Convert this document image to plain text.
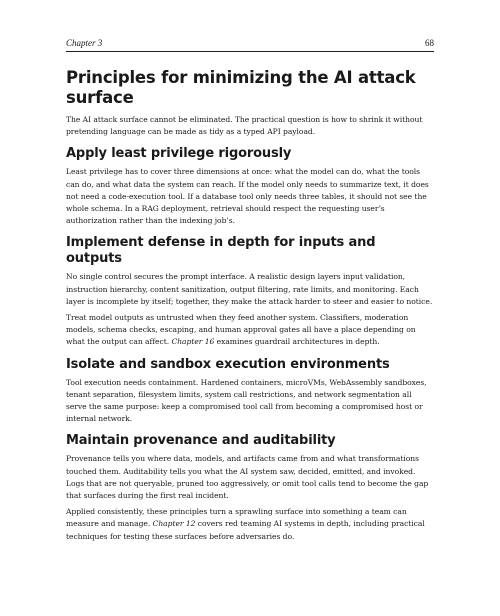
Chapter 3	68
Principles for minimizing the AI attack surface

The AI attack surface cannot be eliminated. The practical question is how to shrink it without pretending language can be made as tidy as a typed API payload.

Apply least privilege rigorously

Least privilege has to cover three dimensions at once: what the model can do, what the tools can do, and what data the system can reach. If the model only needs to summarize text, it does not need a code-execution tool. If a database tool only needs three tables, it should not see the whole schema. In a RAG deployment, retrieval should respect the requesting user’s authorization rather than the indexing job’s.

Implement defense in depth for inputs and outputs

No single control secures the prompt interface. A realistic design layers input validation, instruction hierarchy, content sanitization, output filtering, rate limits, and monitoring. Each layer is incomplete by itself; together, they make the attack harder to steer and easier to notice.

Treat model outputs as untrusted when they feed another system. Classifiers, moderation models, schema checks, escaping, and human approval gates all have a place depending on what the output can affect. Chapter 16 examines guardrail architectures in depth.

Isolate and sandbox execution environments

Tool execution needs containment. Hardened containers, microVMs, WebAssembly sandboxes, tenant separation, filesystem limits, system call restrictions, and network segmentation all serve the same purpose: keep a compromised tool call from becoming a compromised host or internal network.

Maintain provenance and auditability

Provenance tells you where data, models, and artifacts came from and what transformations touched them. Auditability tells you what the AI system saw, decided, emitted, and invoked. Logs that are not queryable, pruned too aggressively, or omit tool calls tend to become the gap that surfaces during the first real incident.

Applied consistently, these principles turn a sprawling surface into something a team can measure and manage. Chapter 12 covers red teaming AI systems in depth, including practical techniques for testing these surfaces before adversaries do.
